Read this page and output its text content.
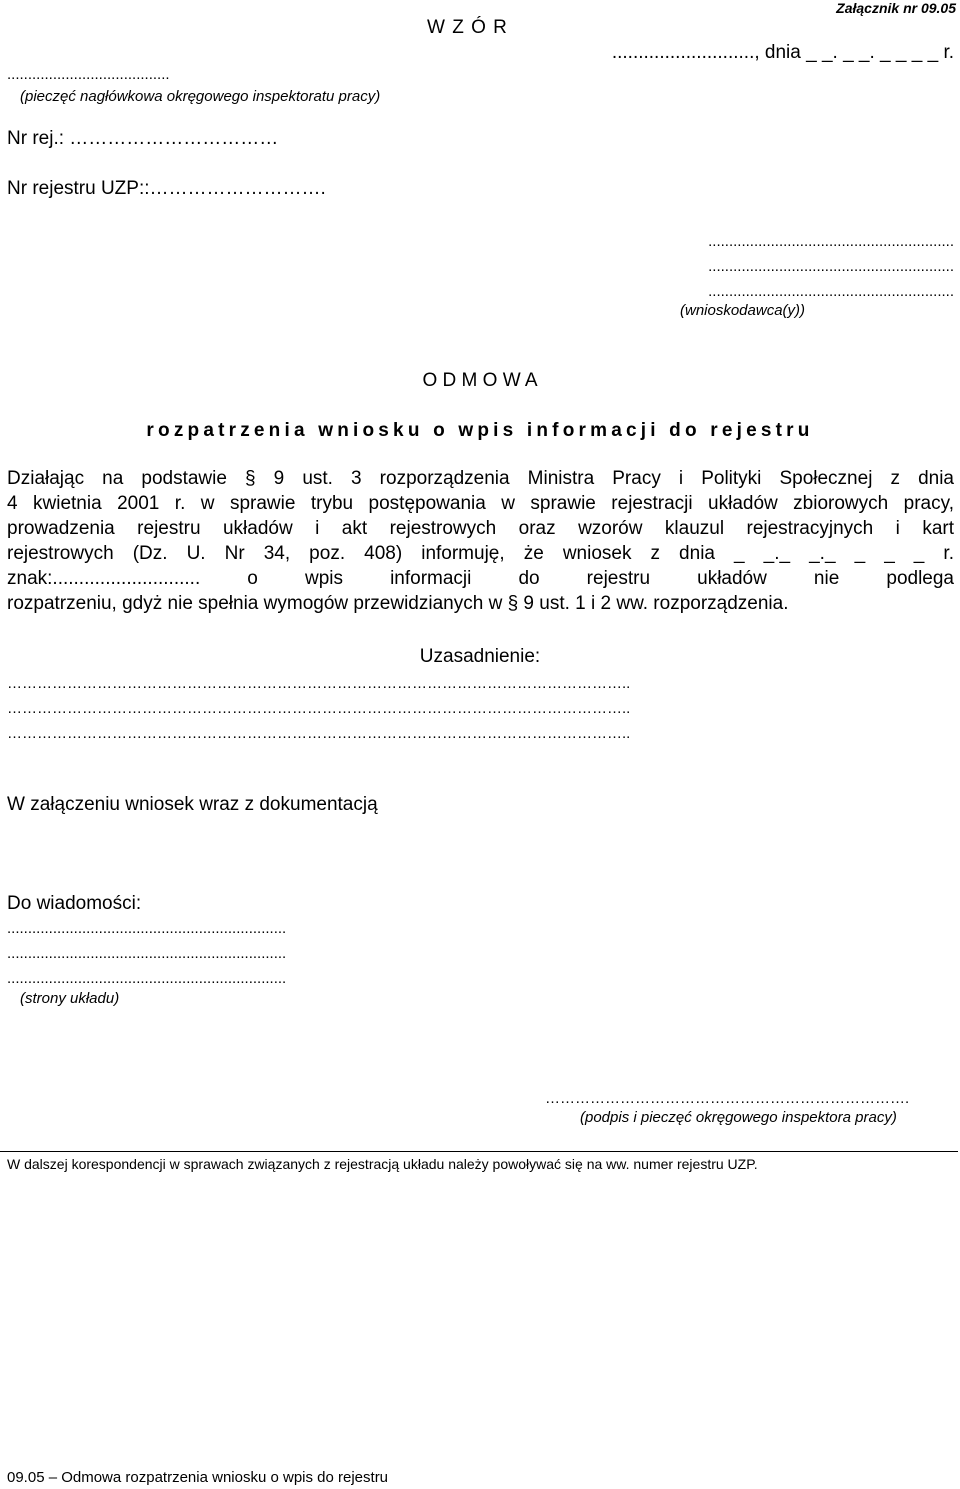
W Z Ó R
Załącznik nr 09.05
..........................., dnia _ _. _ _. _ _ _ _ r.
.......................................
(pieczęć nagłówkowa okręgowego inspektoratu pracy)
Nr rej.: ……………………………
Nr rejestru UZP::……………………….
...........................................................
...........................................................
...........................................................
(wnioskodawca(y))
O D M O W A
rozpatrzenia wniosku o wpis informacji do rejestru
Działając na podstawie § 9 ust. 3 rozporządzenia Ministra Pracy i Polityki Społecznej z dnia
4 kwietnia 2001 r. w sprawie trybu postępowania w sprawie rejestracji układów zbiorowych pracy,
prowadzenia rejestru układów i akt rejestrowych oraz wzorów klauzul rejestracyjnych i kart
rejestrowych (Dz. U. Nr 34, poz. 408) informuję, że wniosek z dnia _ _._ _._ _ _ _ r.
znak:............................ o wpis informacji do rejestru układów nie podlega
rozpatrzeniu, gdyż nie spełnia wymogów przewidzianych w § 9 ust. 1 i 2 ww. rozporządzenia.
Uzasadnienie:
……………………………………………………………………………………………………………..
……………………………………………………………………………………………………………..
……………………………………………………………………………………………………………..
W załączeniu wniosek wraz z dokumentacją
Do wiadomości:
...................................................................
...................................................................
...................................................................
(strony układu)
……………………………………………………………….
(podpis i pieczęć okręgowego inspektora pracy)
W dalszej korespondencji w sprawach związanych z rejestracją układu należy powoływać się na ww. numer rejestru UZP.
09.05 – Odmowa rozpatrzenia wniosku o wpis do rejestru
